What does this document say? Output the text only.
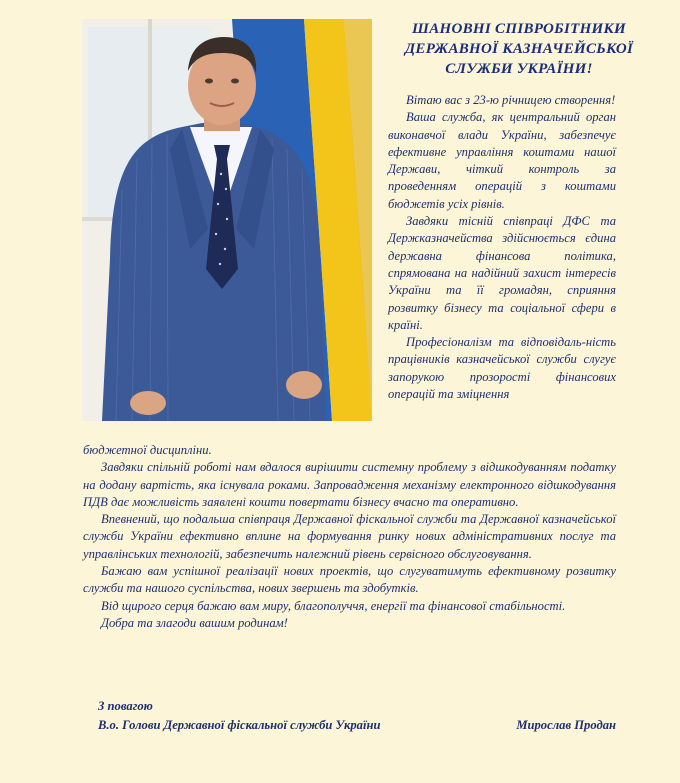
ШАНОВНІ СПІВРОБІТНИКИ
ДЕРЖАВНОЇ КАЗНАЧЕЙСЬКОЇ
СЛУЖБИ УКРАЇНИ!

Вітаю вас з 23-ю річницею створення!

Ваша служба, як центральний орган виконавчої влади України, забезпечує ефективне управління коштами нашої Держави, чіткий контроль за проведенням операцій з коштами бюджетів усіх рівнів.

Завдяки тісній співпраці ДФС та Держказначейства здійснюється єдина державна фінансова політика, спрямована на надійний захист інтересів України та її громадян, сприяння розвитку бізнесу та соціальної сфери в країні.

Професіоналізм та відповідаль-ність працівників казначейської служби слугує запорукою прозорості фінансових операцій та зміцнення

бюджетної дисципліни.

Завдяки спільній роботі нам вдалося вирішити системну проблему з відшкодуванням податку на додану вартість, яка існувала роками. Запровадження механізму електронного відшкодування ПДВ дає можливість заявлені кошти повертати бізнесу вчасно та оперативно.

Впевнений, що подальша співпраця Державної фіскальної служби та Державної казначейської служби України ефективно вплине на формування ринку нових адміністративних послуг та управлінських технологій, забезпечить належний рівень сервісного обслуговування.

Бажаю вам успішної реалізації нових проектів, що слугуватимуть ефективному розвитку служби та нашого суспільства, нових звершень та здобутків.

Від щирого серця бажаю вам миру, благополуччя, енергії та фінансової стабільності.

Добра та злагоди вашим родинам!

З повагою
В.о. Голови Державної фіскальної служби України	Мирослав Продан
